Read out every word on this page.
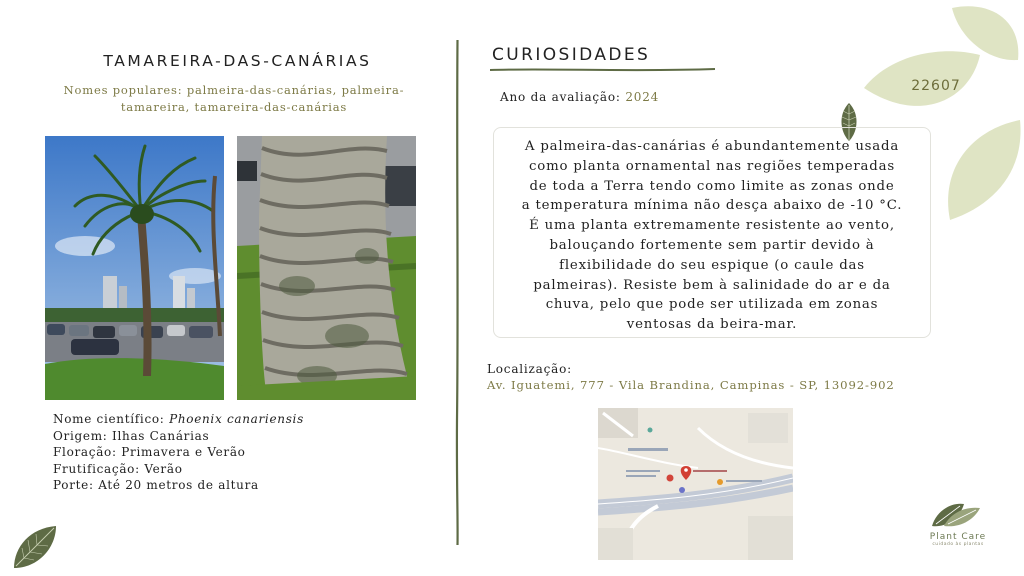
TAMAREIRA-DAS-CANÁRIAS
Nomes populares: palmeira-das-canárias, palmeira-
tamareira, tamareira-das-canárias
Nome científico: Phoenix canariensis
Origem: Ilhas Canárias
Floração: Primavera e Verão
Frutificação: Verão
Porte: Até 20 metros de altura
CURIOSIDADES
Ano da avaliação: 2024
22607
A palmeira-das-canárias é abundantemente usada
como planta ornamental nas regiões temperadas
de toda a Terra tendo como limite as zonas onde
a temperatura mínima não desça abaixo de -10 °C.
É uma planta extremamente resistente ao vento,
balouçando fortemente sem partir devido à
flexibilidade do seu espique (o caule das
palmeiras). Resiste bem à salinidade do ar e da
chuva, pelo que pode ser utilizada em zonas
ventosas da beira-mar.
Localização:
Av. Iguatemi, 777 - Vila Brandina, Campinas - SP, 13092-902
Plant Care
cuidado às plantas
